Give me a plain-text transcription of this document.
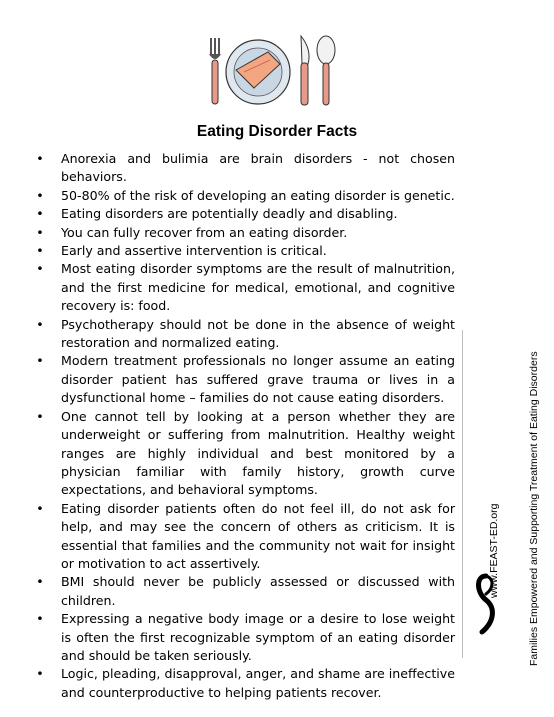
Eating Disorder Facts
•	Anorexia and bulimia are brain disorders - not chosen behaviors.
•	50-80% of the risk of developing an eating disorder is genetic.
•	Eating disorders are potentially deadly and disabling.
•	You can fully recover from an eating disorder.
•	Early and assertive intervention is critical.
•	Most eating disorder symptoms are the result of malnutrition, and the first medicine for medical, emotional, and cognitive recovery is: food.
•	Psychotherapy should not be done in the absence of weight restoration and normalized eating.
•	Modern treatment professionals no longer assume an eating disorder patient has suffered grave trauma or lives in a dysfunctional home – families do not cause eating disorders.
•	One cannot tell by looking at a person whether they are underweight or suffering from malnutrition. Healthy weight ranges are highly individual and best monitored by a physician familiar with family history, growth curve expectations, and behavioral symptoms.
•	Eating disorder patients often do not feel ill, do not ask for help, and may see the concern of others as criticism. It is essential that families and the community not wait for insight or motivation to act assertively.
•	BMI should never be publicly assessed or discussed with children.
•	Expressing a negative body image or a desire to lose weight is often the first recognizable symptom of an eating disorder and should be taken seriously.
•	Logic, pleading, disapproval, anger, and shame are ineffective and counterproductive to helping patients recover.
www.FEAST-ED.org	Families Empowered and Supporting Treatment of Eating Disorders
